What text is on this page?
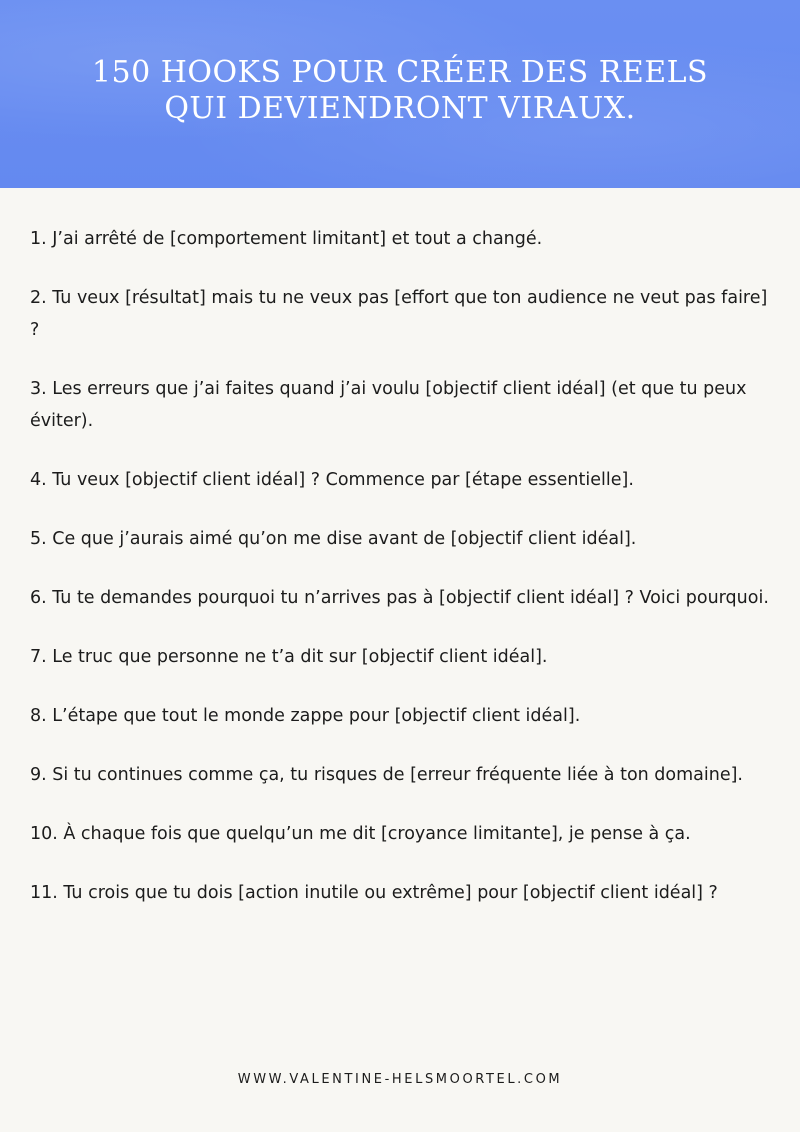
150 HOOKS POUR CRÉER DES REELS
QUI DEVIENDRONT VIRAUX.
1. J’ai arrêté de [comportement limitant] et tout a changé.
2. Tu veux [résultat] mais tu ne veux pas [effort que ton audience ne veut pas faire] ?
3. Les erreurs que j’ai faites quand j’ai voulu [objectif client idéal] (et que tu peux éviter).
4. Tu veux [objectif client idéal] ? Commence par [étape essentielle].
5. Ce que j’aurais aimé qu’on me dise avant de [objectif client idéal].
6. Tu te demandes pourquoi tu n’arrives pas à [objectif client idéal] ? Voici pourquoi.
7. Le truc que personne ne t’a dit sur [objectif client idéal].
8. L’étape que tout le monde zappe pour [objectif client idéal].
9. Si tu continues comme ça, tu risques de [erreur fréquente liée à ton domaine].
10. À chaque fois que quelqu’un me dit [croyance limitante], je pense à ça.
11. Tu crois que tu dois [action inutile ou extrême] pour [objectif client idéal] ?
WWW.VALENTINE-HELSMOORTEL.COM
